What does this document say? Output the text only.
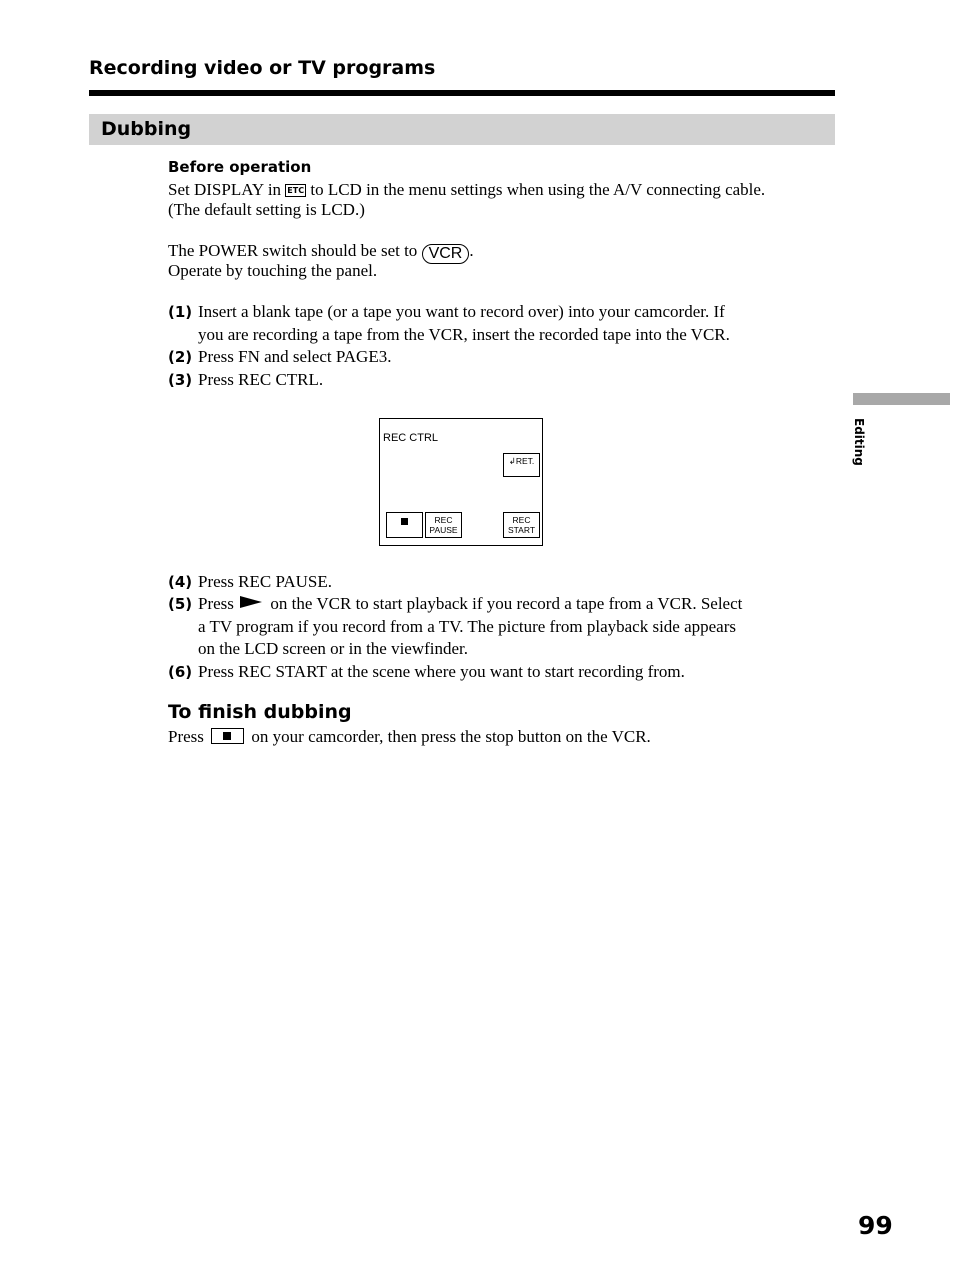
Recording video or TV programs
Dubbing
Before operation
Set DISPLAY in ETC to LCD in the menu settings when using the A/V connecting cable.
(The default setting is LCD.)
The POWER switch should be set to VCR .
Operate by touching the panel.
(1) Insert a blank tape (or a tape you want to record over) into your camcorder. If
you are recording a tape from the VCR, insert the recorded tape into the VCR.
(2) Press FN and select PAGE3.
(3) Press REC CTRL.
REC CTRL
↲RET.
REC
PAUSE
REC
START
(4) Press REC PAUSE.
(5) Press on the VCR to start playback if you record a tape from a VCR. Select
a TV program if you record from a TV. The picture from playback side appears
on the LCD screen or in the viewfinder.
(6) Press REC START at the scene where you want to start recording from.
To finish dubbing
Press	on your camcorder, then press the stop button on the VCR.
Editing
99
